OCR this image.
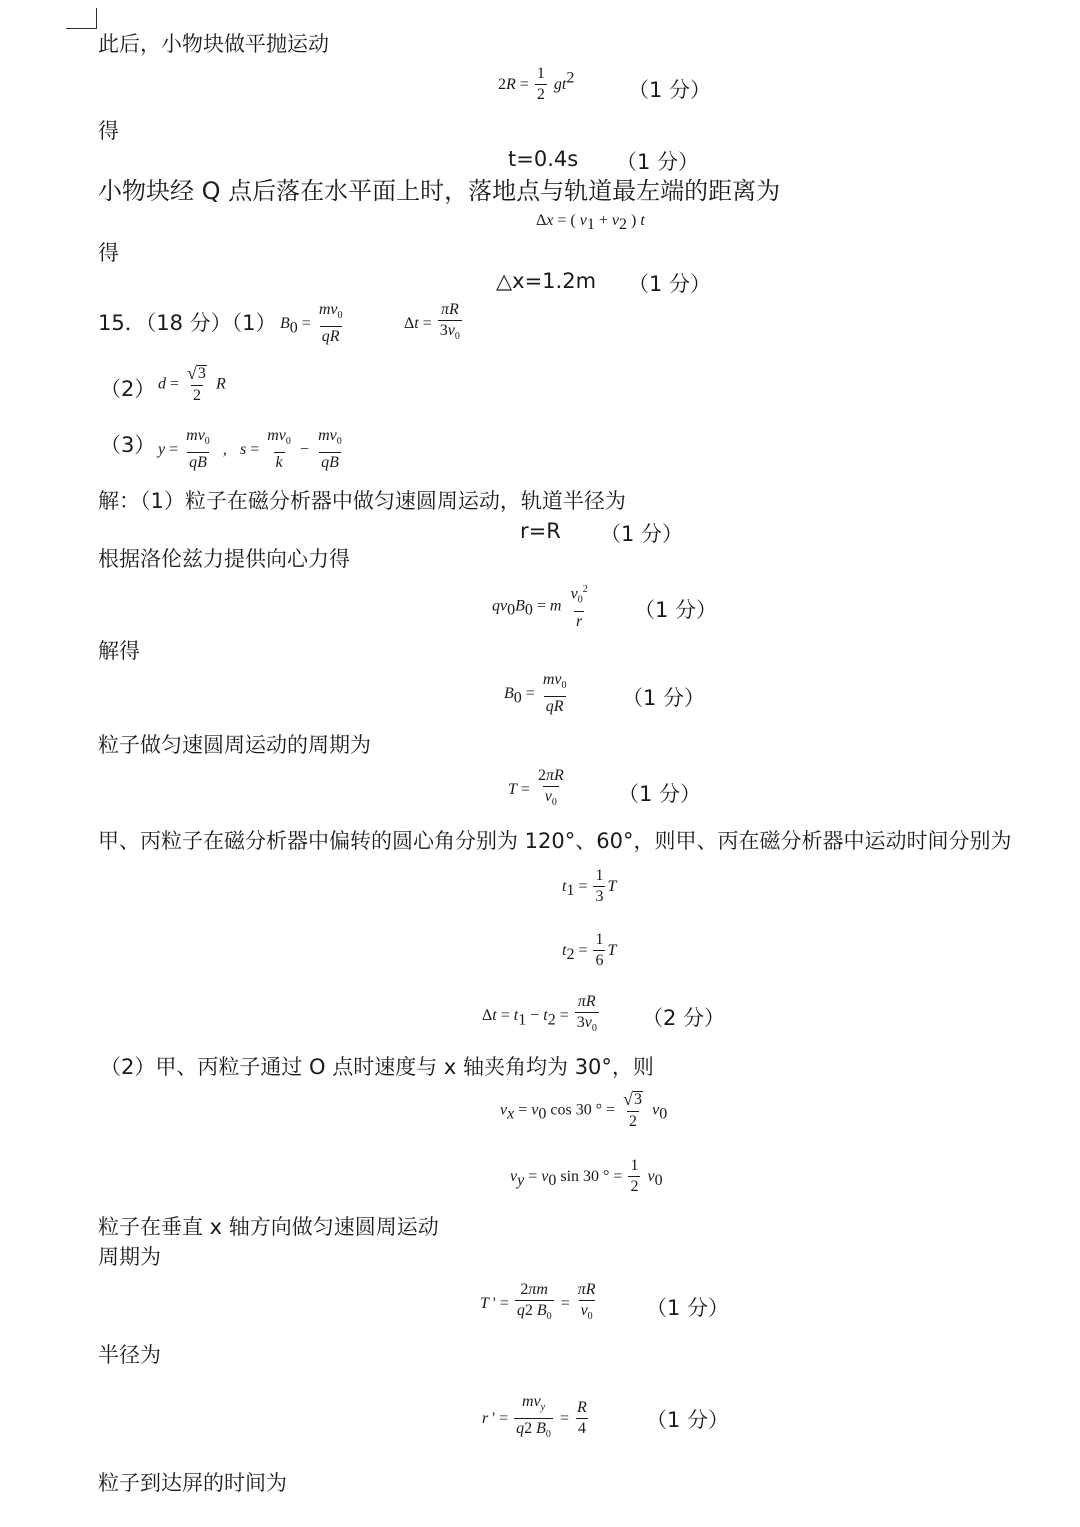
此后，小物块做平抛运动
$2R = \frac{1}{2} gt^2$	（1 分）
得
t=0.4s （1 分）
小物块经 Q 点后落在水平面上时，落地点与轨道最左端的距离为
Δx = ( $v_1 + v_2$ ) t
得
△x=1.2m （1 分）
15．（18 分）（1） $B_0 = \frac{mv_0}{qR}$	$\Delta t = \frac{\pi R}{3v_0}$
（2） $d = \frac{√ 3}{2}$ R
（3） $y = \frac{mv_0}{qB}$ ,   $s = \frac{mv_0}{k} - \frac{mv_0}{qB}$
解：（1）粒子在磁分析器中做匀速圆周运动，轨道半径为
r=R （1 分）
根据洛伦兹力提供向心力得
$qv_0B_0 = m \frac{v_0^2}{r} (1$ 分）
解得
$B_0 = \frac{mv_0}{qR}$	（1 分）
粒子做匀速圆周运动的周期为
$T = \frac{2\pi R}{v_0} (1$ 分）
甲、丙粒子在磁分析器中偏转的圆心角分别为 120°、60°，则甲、丙在磁分析器中运动时间分别为
$t_1 = \frac{1}{3}$ T
$t_2 = \frac{1}{6}$ T
$\Delta t = t_1 - t_2 = \frac{\pi R}{3v_0} (2$ 分）
（2）甲、丙粒子通过 O 点时速度与 x 轴夹角均为 30°，则
$v_x = v_0$ cos 30 ° = $\frac{√ 3}{2} v_0$
$v_y = v_0$ sin 30 ° = $\frac{1}{2} v_0$
粒子在垂直 x 轴方向做匀速圆周运动
周期为
T ' = $\frac{2\pi m}{q2 B_0} = \frac{\pi R}{v_0} (1$ 分）
半径为
r ' = $\frac{mv_y}{q2 B_0} = \frac{R}{4}$	（1 分）
粒子到达屏的时间为
